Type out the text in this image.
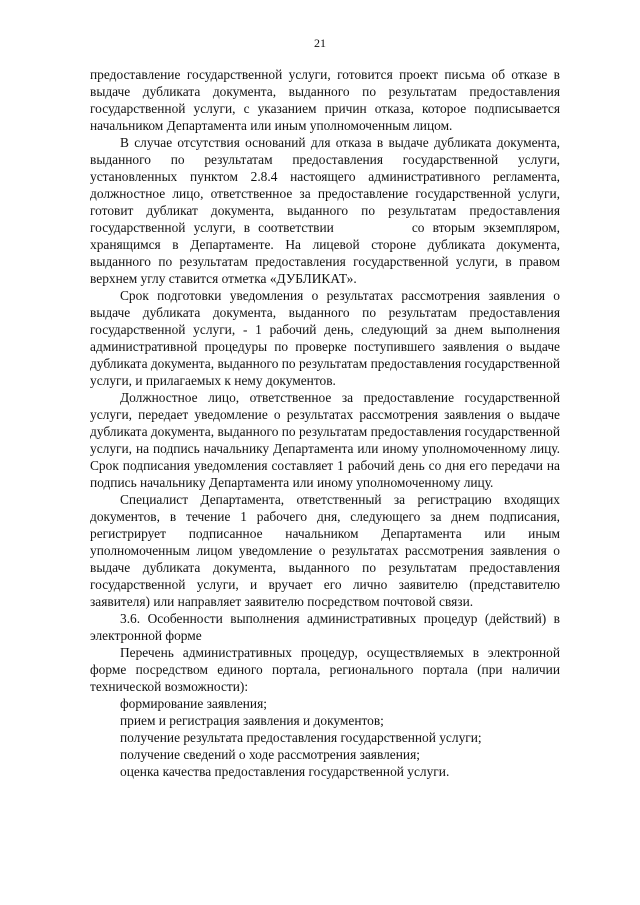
21

предоставление государственной услуги, готовится проект письма об отказе в выдаче дубликата документа, выданного по результатам предоставления государственной услуги, с указанием причин отказа, которое подписывается начальником Департамента или иным уполномоченным лицом.

В случае отсутствия оснований для отказа в выдаче дубликата документа, выданного по результатам предоставления государственной услуги, установленных пунктом 2.8.4 настоящего административного регламента, должностное лицо, ответственное за предоставление государственной услуги, готовит дубликат документа, выданного по результатам предоставления государственной услуги, в соответствии	со вторым экземпляром, хранящимся в Департаменте. На лицевой стороне дубликата документа, выданного по результатам предоставления государственной услуги, в правом верхнем углу ставится отметка «ДУБЛИКАТ».

Срок подготовки уведомления о результатах рассмотрения заявления о выдаче дубликата документа, выданного по результатам предоставления государственной услуги, - 1 рабочий день, следующий за днем выполнения административной процедуры по проверке поступившего заявления о выдаче дубликата документа, выданного по результатам предоставления государственной услуги, и прилагаемых к нему документов.

Должностное лицо, ответственное за предоставление государственной услуги, передает уведомление о результатах рассмотрения заявления о выдаче дубликата документа, выданного по результатам предоставления государственной услуги, на подпись начальнику Департамента или иному уполномоченному лицу. Срок подписания уведомления составляет 1 рабочий день со дня его передачи на подпись начальнику Департамента или иному уполномоченному лицу.

Специалист Департамента, ответственный за регистрацию входящих документов, в течение 1 рабочего дня, следующего за днем подписания, регистрирует подписанное начальником Департамента или иным уполномоченным лицом уведомление о результатах рассмотрения заявления о выдаче дубликата документа, выданного по результатам предоставления государственной услуги, и вручает его лично заявителю (представителю заявителя) или направляет заявителю посредством почтовой связи.

3.6. Особенности выполнения административных процедур (действий) в электронной форме

Перечень административных процедур, осуществляемых в электронной форме посредством единого портала, регионального портала (при наличии технической возможности):

формирование заявления;
прием и регистрация заявления и документов;
получение результата предоставления государственной услуги;
получение сведений о ходе рассмотрения заявления;
оценка качества предоставления государственной услуги.
